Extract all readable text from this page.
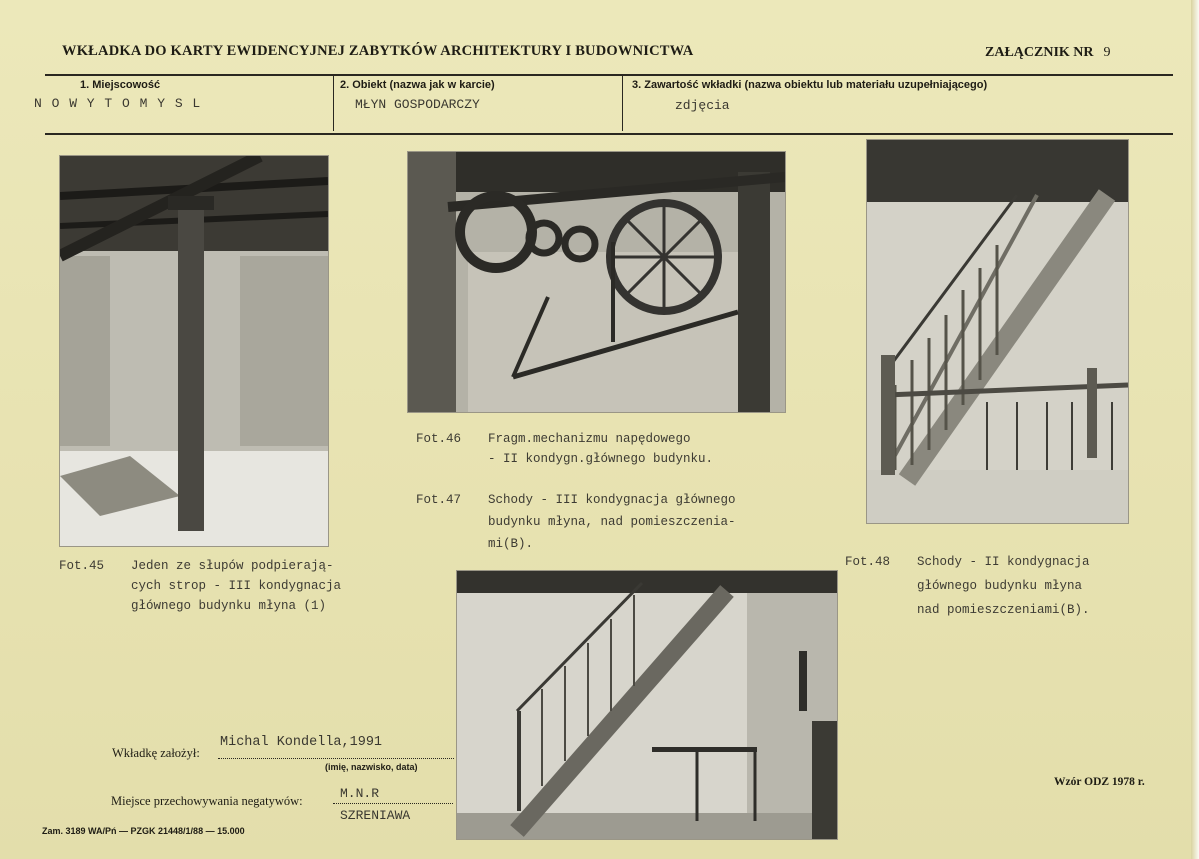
WKŁADKA DO KARTY EWIDENCYJNEJ ZABYTKÓW ARCHITEKTURY I BUDOWNICTWA	ZAŁĄCZNIK NR 9
1. Miejscowość
N O W Y T O M Y S L
2. Obiekt (nazwa jak w karcie)
MŁYN GOSPODARCZY
3. Zawartość wkładki (nazwa obiektu lub materiału uzupełniającego)
zdjęcia
Fot.45 Jeden ze słupów podpierają-
cych strop - III kondygnacja
głównego budynku młyna (1)
Fot.46 Fragm.mechanizmu napędowego
- II kondygn.głównego budynku.
Fot.47 Schody - III kondygnacja głównego
budynku młyna, nad pomieszczenia-
mi(B).
Fot.48 Schody - II kondygnacja
głównego budynku młyna
nad pomieszczeniami(B).
Wkładkę założył:
Michal Kondella,1991
(imię, nazwisko, data)
Miejsce przechowywania negatywów:	M.N.R
SZRENIAWA
Zam. 3189 WA/Pń — PZGK 21448/1/88 — 15.000
Wzór ODZ 1978 r.
